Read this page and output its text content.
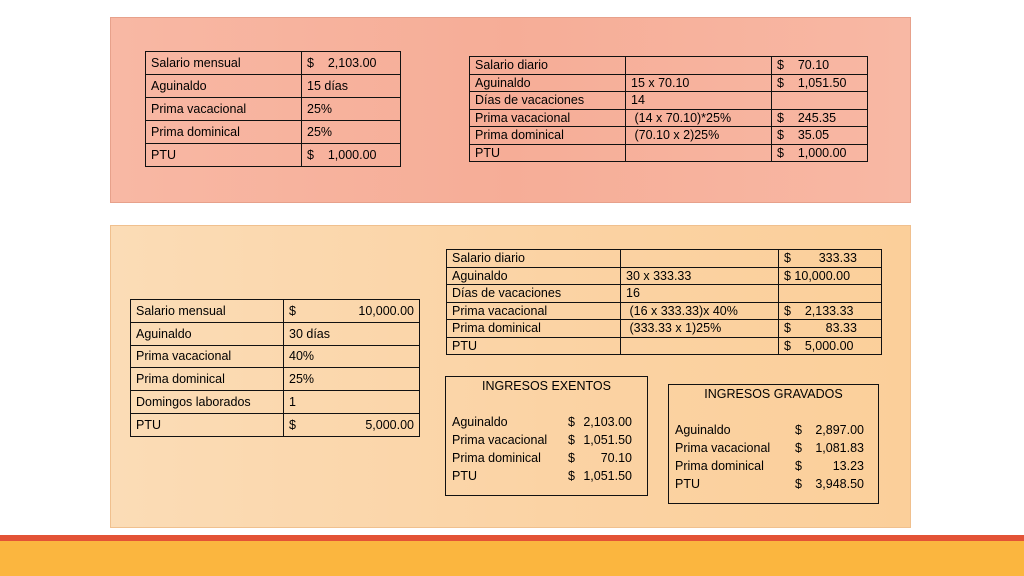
Salario mensual	$    2,103.00
Aguinaldo	15 días
Prima vacacional	25%
Prima dominical	25%
PTU	$    1,000.00
Salario diario		$    70.10
Aguinaldo	15 x 70.10	$    1,051.50
Días de vacaciones	14	
Prima vacacional	(14 x 70.10)*25%	$    245.35
Prima dominical	(70.10 x 2)25%	$    35.05
PTU		$    1,000.00
Salario mensual	$ 10,000.00

Aguinaldo	30 días
Prima vacacional	40%
Prima dominical	25%
Domingos laborados	1
PTU	$ 5,000.00
Salario diario		$        333.33
Aguinaldo	30 x 333.33	$ 10,000.00
Días de vacaciones	16	
Prima vacacional	(16 x 333.33)x 40%	$    2,133.33
Prima dominical	(333.33 x 1)25%	$          83.33
PTU		$    5,000.00
INGRESOS EXENTOS
Aguinaldo	$ 2,103.00
Prima vacacional	$ 1,051.50
Prima dominical	$	70.10
PTU	$ 1,051.50
INGRESOS GRAVADOS
Aguinaldo	$	2,897.00
Prima vacacional	$	1,081.83
Prima dominical	$	13.23
PTU	$	3,948.50
